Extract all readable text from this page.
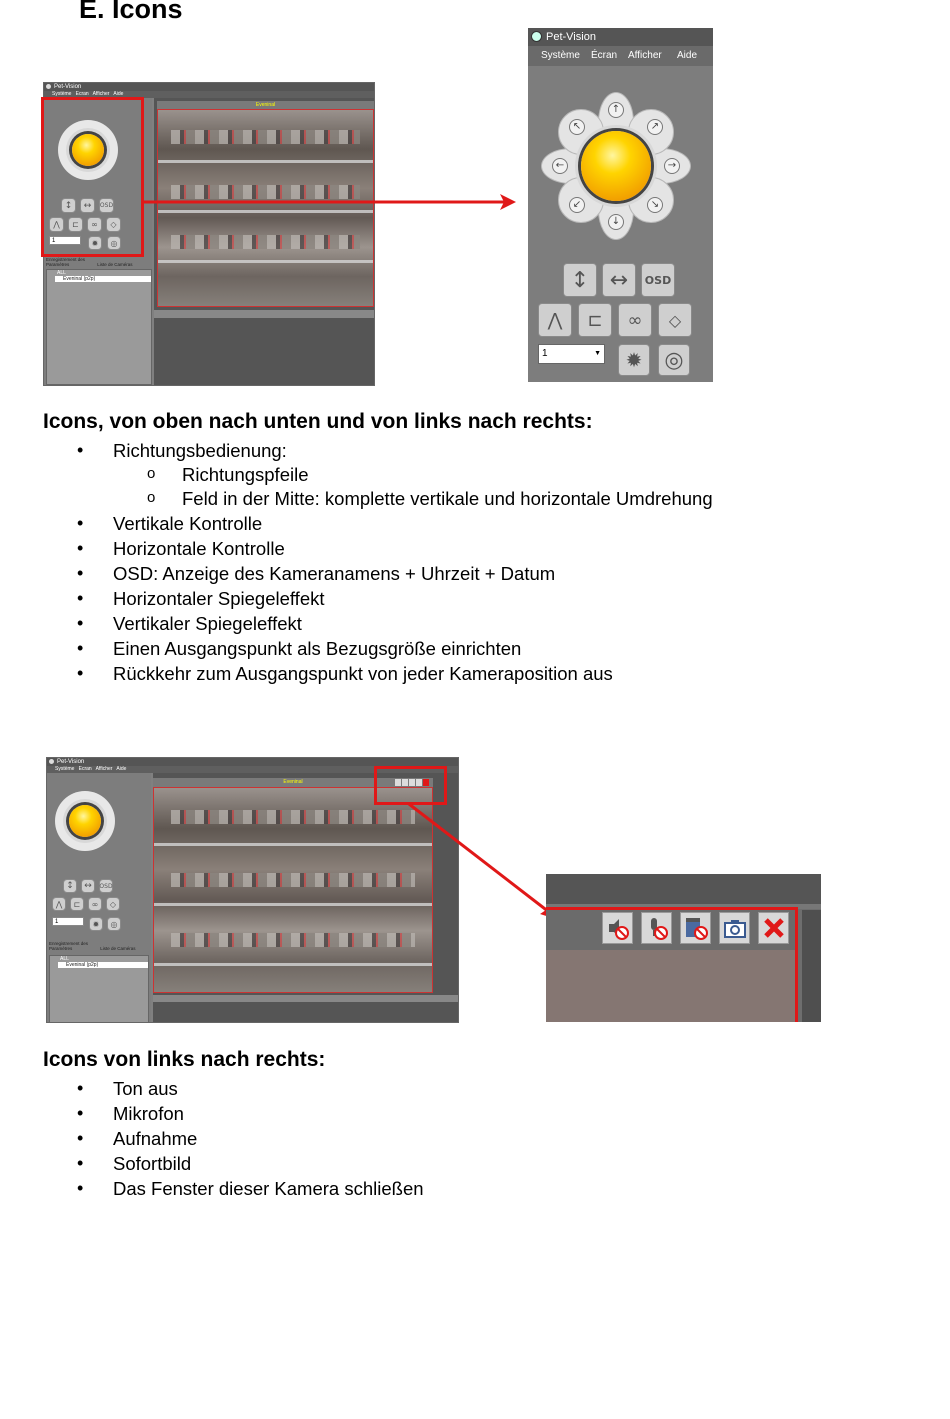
E. Icons
Pet-Vision
Système Écran Afficher Aide
↕	↔	OSD
⋀	⊏	∞	◇
1	✹	◎
Enregistrement des Paramètres	Liste de Caméras
ALL
Eveninal (p2p)
Eveninal
Pet-Vision
Système Écran Afficher Aide
↑
↓
←	→
↖	↗
↙	↘
↕ ↔	OSD
⋀	⊏	∞	◇
1	▼	✹	◎
Icons, von oben nach unten und von links nach rechts:
• Richtungsbedienung:
o Richtungspfeile
o Feld in der Mitte: komplette vertikale und horizontale Umdrehung
• Vertikale Kontrolle
• Horizontale Kontrolle
• OSD: Anzeige des Kameranamens + Uhrzeit + Datum
• Horizontaler Spiegeleffekt
• Vertikaler Spiegeleffekt
• Einen Ausgangspunkt als Bezugsgröße einrichten
• Rückkehr zum Ausgangspunkt von jeder Kameraposition aus
Pet-Vision
Système Écran Afficher Aide
↕	↔	OSD
⋀	⊏	∞	◇
1	✹	◎
Enregistrement des Paramètres	Liste de Caméras
ALL
Eveninal (p2p)
Eveninal
Icons von links nach rechts:
• Ton aus
• Mikrofon
• Aufnahme
• Sofortbild
• Das Fenster dieser Kamera schließen
